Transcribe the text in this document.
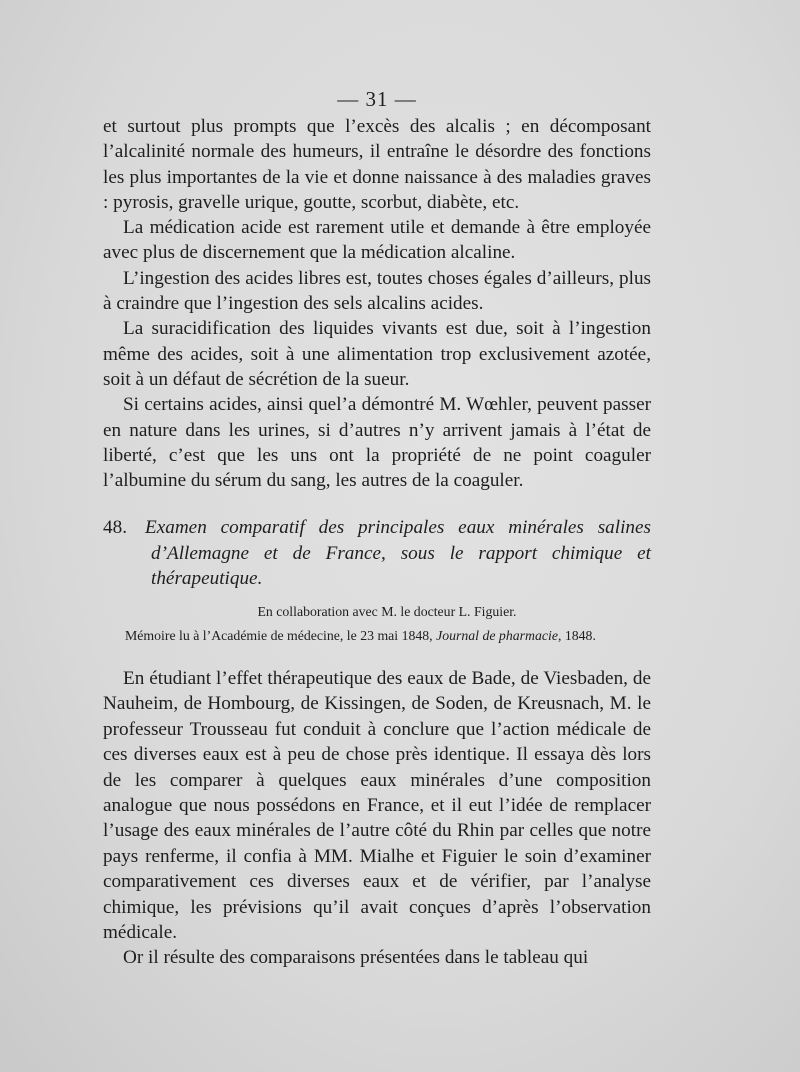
— 31 —

et surtout plus prompts que l’excès des alcalis ; en décomposant l’alcalinité normale des humeurs, il entraîne le désordre des fonctions les plus importantes de la vie et donne naissance à des maladies graves : pyrosis, gravelle urique, goutte, scorbut, diabète, etc.

La médication acide est rarement utile et demande à être employée avec plus de discernement que la médication alcaline.

L’ingestion des acides libres est, toutes choses égales d’ailleurs, plus à craindre que l’ingestion des sels alcalins acides.

La suracidification des liquides vivants est due, soit à l’ingestion même des acides, soit à une alimentation trop exclusivement azotée, soit à un défaut de sécrétion de la sueur.

Si certains acides, ainsi quel’a démontré M. Wœhler, peuvent passer en nature dans les urines, si d’autres n’y arrivent jamais à l’état de liberté, c’est que les uns ont la propriété de ne point coaguler l’albumine du sérum du sang, les autres de la coaguler.

48. Examen comparatif des principales eaux minérales salines d’Allemagne et de France, sous le rapport chimique et thérapeutique.
En collaboration avec M. le docteur L. Figuier.
Mémoire lu à l’Académie de médecine, le 23 mai 1848, Journal de pharmacie, 1848.

En étudiant l’effet thérapeutique des eaux de Bade, de Viesbaden, de Nauheim, de Hombourg, de Kissingen, de Soden, de Kreusnach, M. le professeur Trousseau fut conduit à conclure que l’action médicale de ces diverses eaux est à peu de chose près identique. Il essaya dès lors de les comparer à quelques eaux minérales d’une composition analogue que nous possédons en France, et il eut l’idée de remplacer l’usage des eaux minérales de l’autre côté du Rhin par celles que notre pays renferme, il confia à MM. Mialhe et Figuier le soin d’examiner comparativement ces diverses eaux et de vérifier, par l’analyse chimique, les prévisions qu’il avait conçues d’après l’observation médicale.

Or il résulte des comparaisons présentées dans le tableau qui
